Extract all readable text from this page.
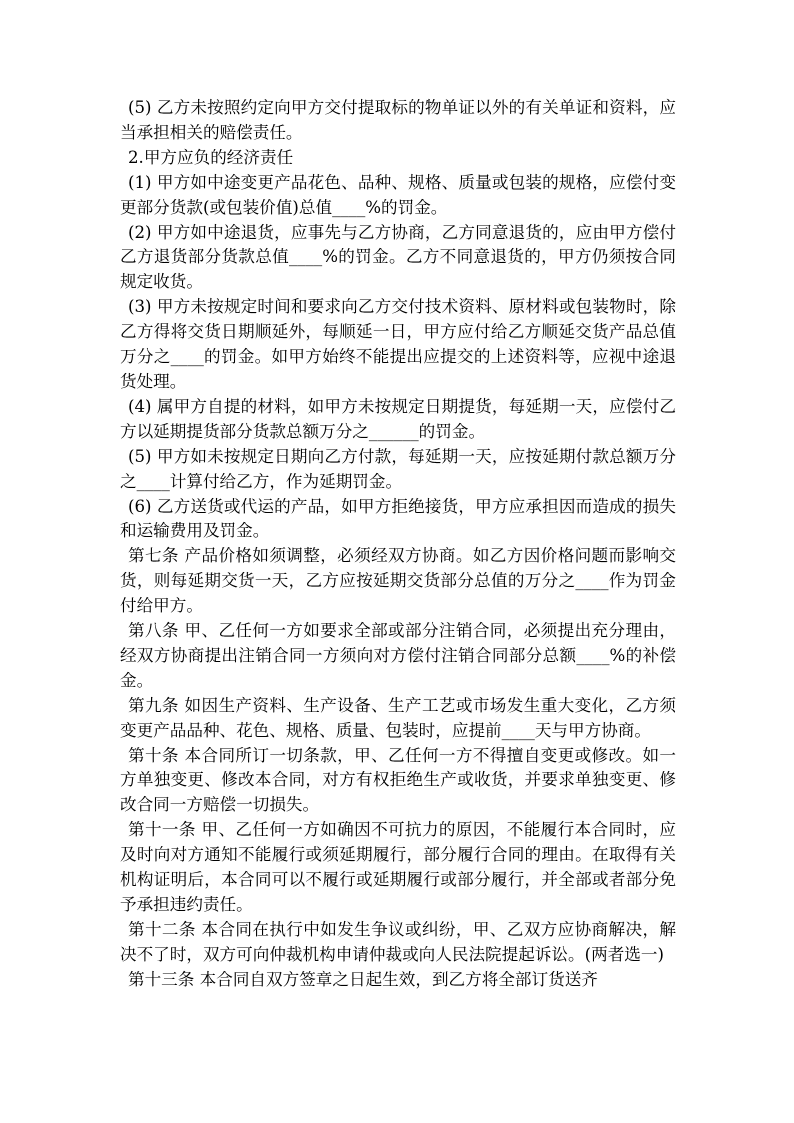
(5) 乙方未按照约定向甲方交付提取标的物单证以外的有关单证和资料，应当承担相关的赔偿责任。

2.甲方应负的经济责任

(1) 甲方如中途变更产品花色、品种、规格、质量或包装的规格，应偿付变更部分货款(或包装价值)总值____%的罚金。

(2) 甲方如中途退货，应事先与乙方协商，乙方同意退货的，应由甲方偿付乙方退货部分货款总值____%的罚金。乙方不同意退货的，甲方仍须按合同规定收货。

(3) 甲方未按规定时间和要求向乙方交付技术资料、原材料或包装物时，除乙方得将交货日期顺延外，每顺延一日，甲方应付给乙方顺延交货产品总值万分之____的罚金。如甲方始终不能提出应提交的上述资料等，应视中途退货处理。

(4) 属甲方自提的材料，如甲方未按规定日期提货，每延期一天，应偿付乙方以延期提货部分货款总额万分之______的罚金。

(5) 甲方如未按规定日期向乙方付款，每延期一天，应按延期付款总额万分之____计算付给乙方，作为延期罚金。

(6) 乙方送货或代运的产品，如甲方拒绝接货，甲方应承担因而造成的损失和运输费用及罚金。

第七条 产品价格如须调整，必须经双方协商。如乙方因价格问题而影响交货，则每延期交货一天，乙方应按延期交货部分总值的万分之____作为罚金付给甲方。

第八条 甲、乙任何一方如要求全部或部分注销合同，必须提出充分理由，经双方协商提出注销合同一方须向对方偿付注销合同部分总额____%的补偿金。

第九条 如因生产资料、生产设备、生产工艺或市场发生重大变化，乙方须变更产品品种、花色、规格、质量、包装时，应提前____天与甲方协商。

第十条 本合同所订一切条款，甲、乙任何一方不得擅自变更或修改。如一方单独变更、修改本合同，对方有权拒绝生产或收货，并要求单独变更、修改合同一方赔偿一切损失。

第十一条 甲、乙任何一方如确因不可抗力的原因，不能履行本合同时，应及时向对方通知不能履行或须延期履行，部分履行合同的理由。在取得有关机构证明后，本合同可以不履行或延期履行或部分履行，并全部或者部分免予承担违约责任。

第十二条 本合同在执行中如发生争议或纠纷，甲、乙双方应协商解决，解决不了时，双方可向仲裁机构申请仲裁或向人民法院提起诉讼。(两者选一)

第十三条 本合同自双方签章之日起生效，到乙方将全部订货送齐
